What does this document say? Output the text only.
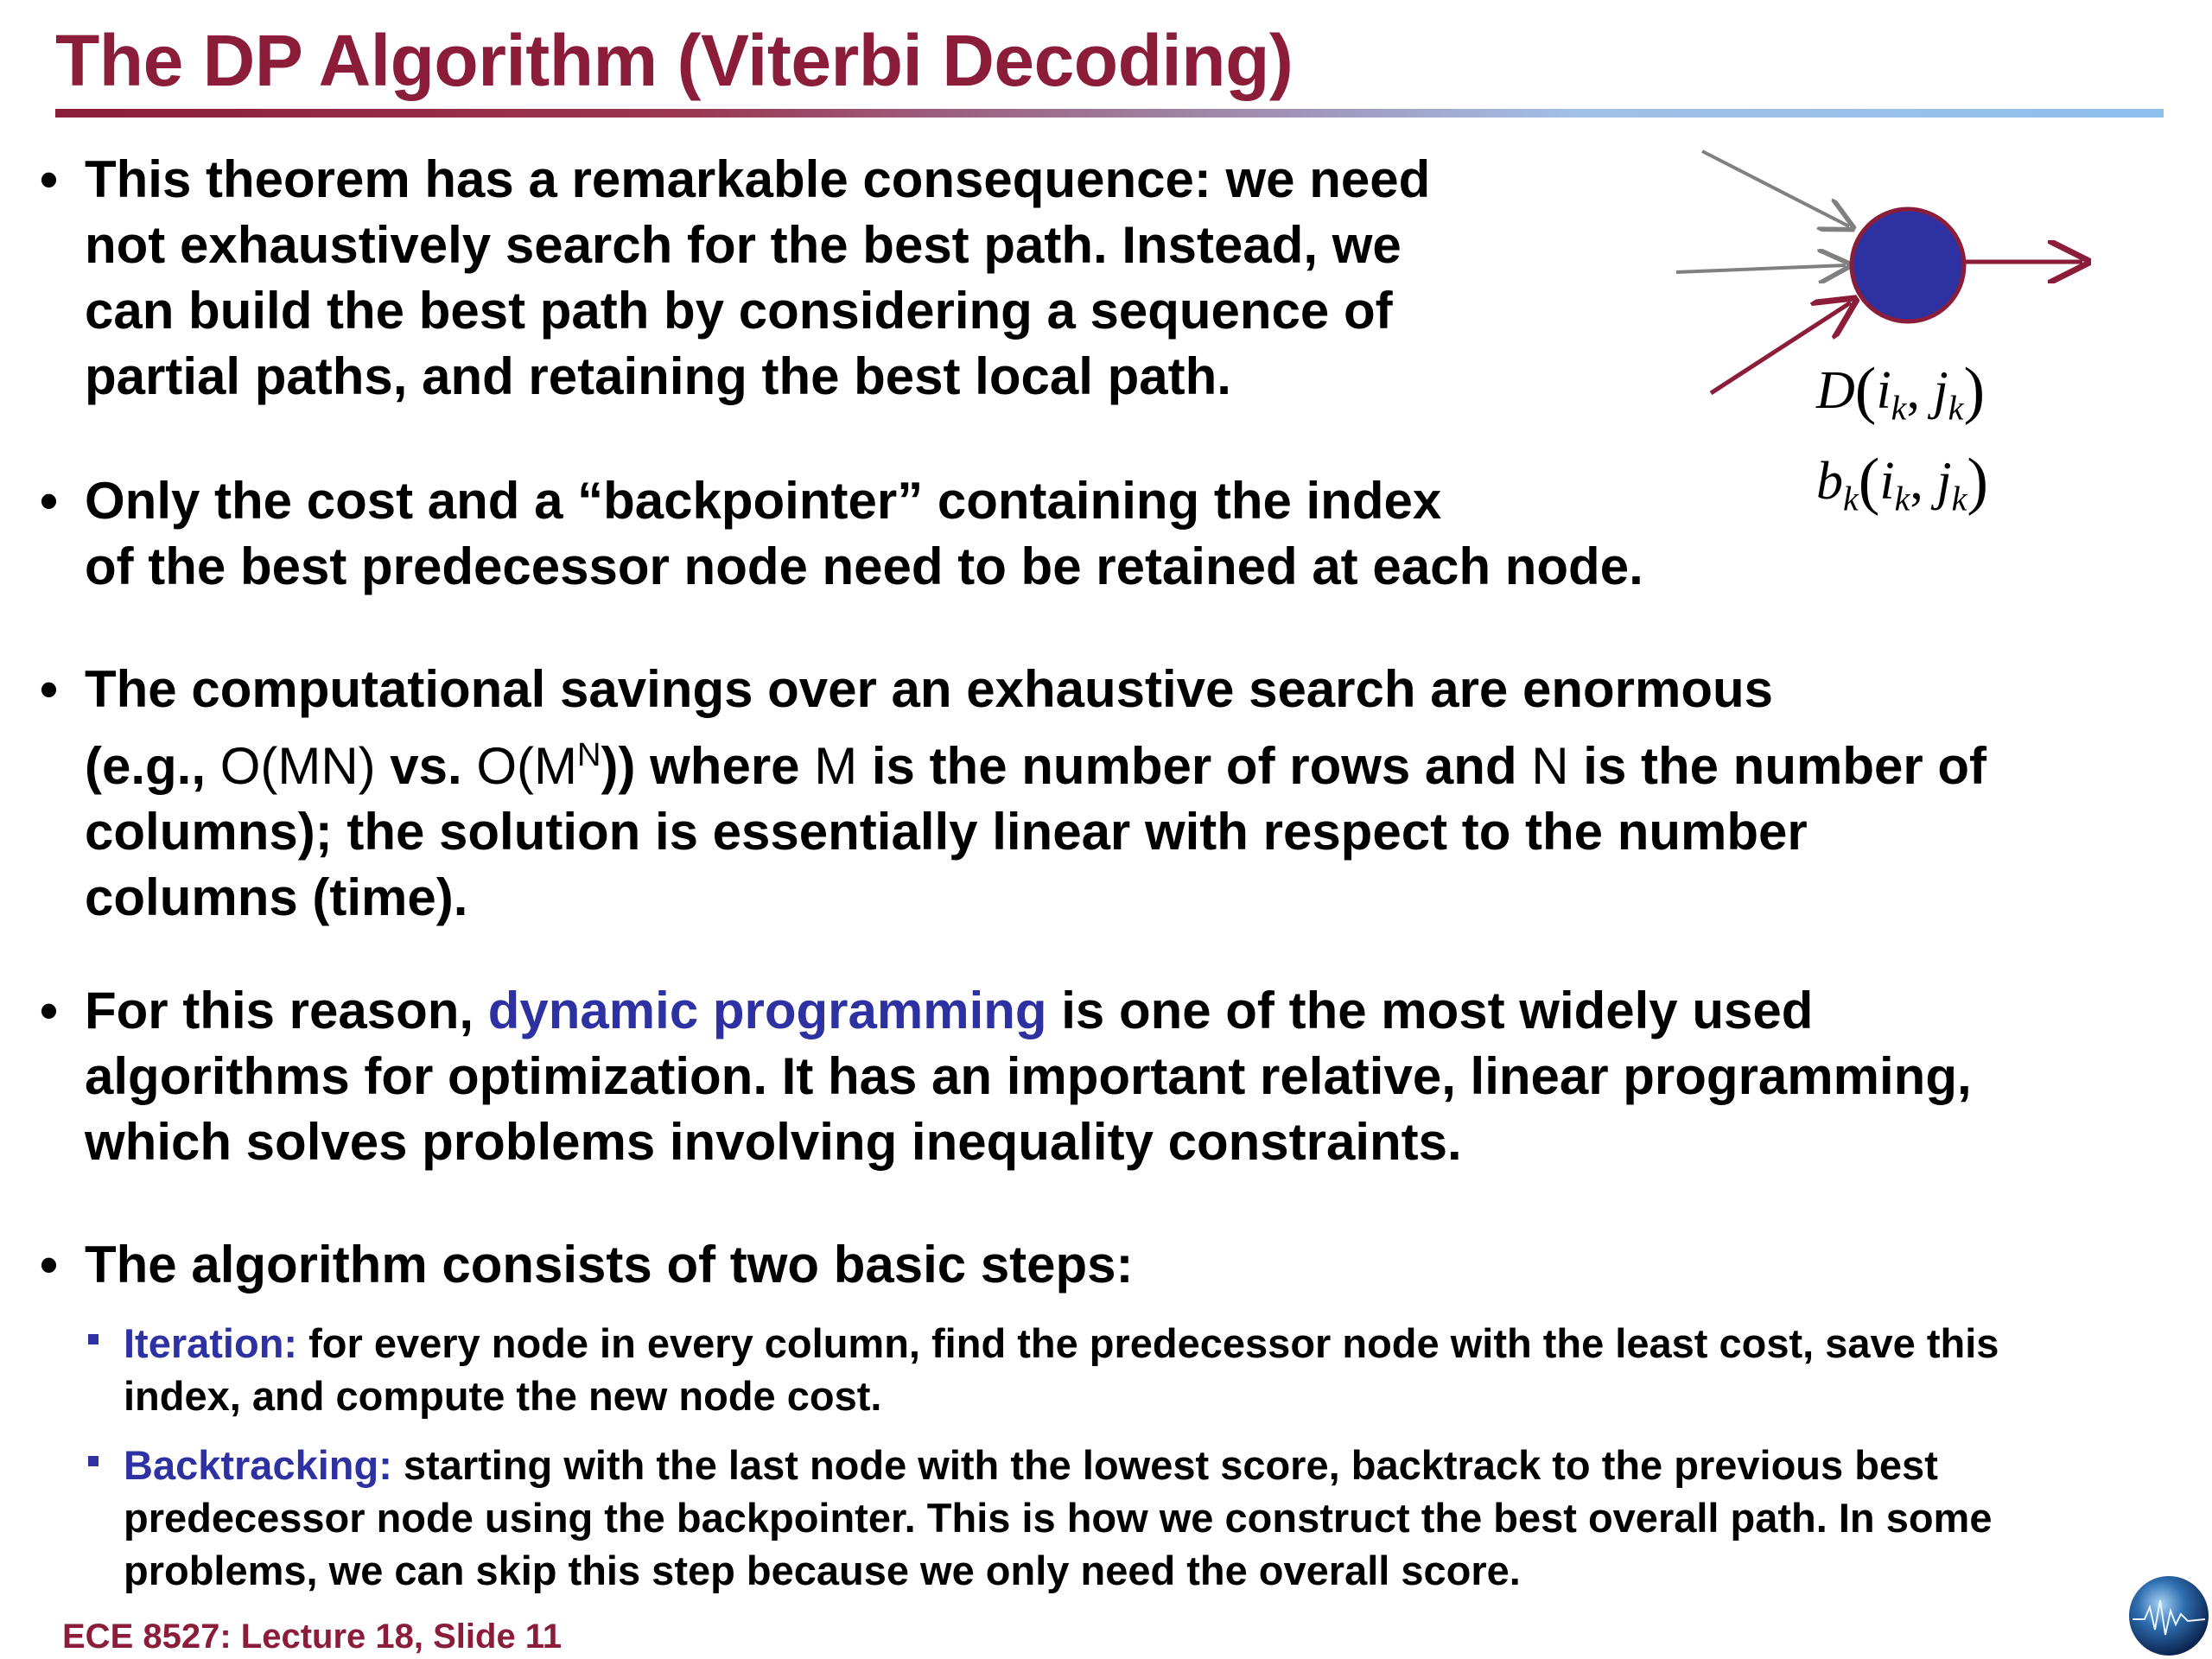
The DP Algorithm (Viterbi Decoding)
• This theorem has a remarkable consequence: we need
not exhaustively search for the best path. Instead, we
can build the best path by considering a sequence of
partial paths, and retaining the best local path.
• Only the cost and a “backpointer” containing the index
of the best predecessor node need to be retained at each node.
• The computational savings over an exhaustive search are enormous
(e.g., O(MN) vs. $O(M^N)$) where M is the number of rows and N is the number of
columns); the solution is essentially linear with respect to the number
columns (time).
• For this reason, dynamic programming is one of the most widely used
algorithms for optimization. It has an important relative, linear programming,
which solves problems involving inequality constraints.
• The algorithm consists of two basic steps:
Iteration: for every node in every column, find the predecessor node with the least cost, save this
index, and compute the new node cost.
Backtracking: starting with the last node with the lowest score, backtrack to the previous best
predecessor node using the backpointer. This is how we construct the best overall path. In some
problems, we can skip this step because we only need the overall score.
$D(i_k$, $j_k$)
$b_k(i_k$, $j_k$)
ECE 8527: Lecture 18, Slide 11
